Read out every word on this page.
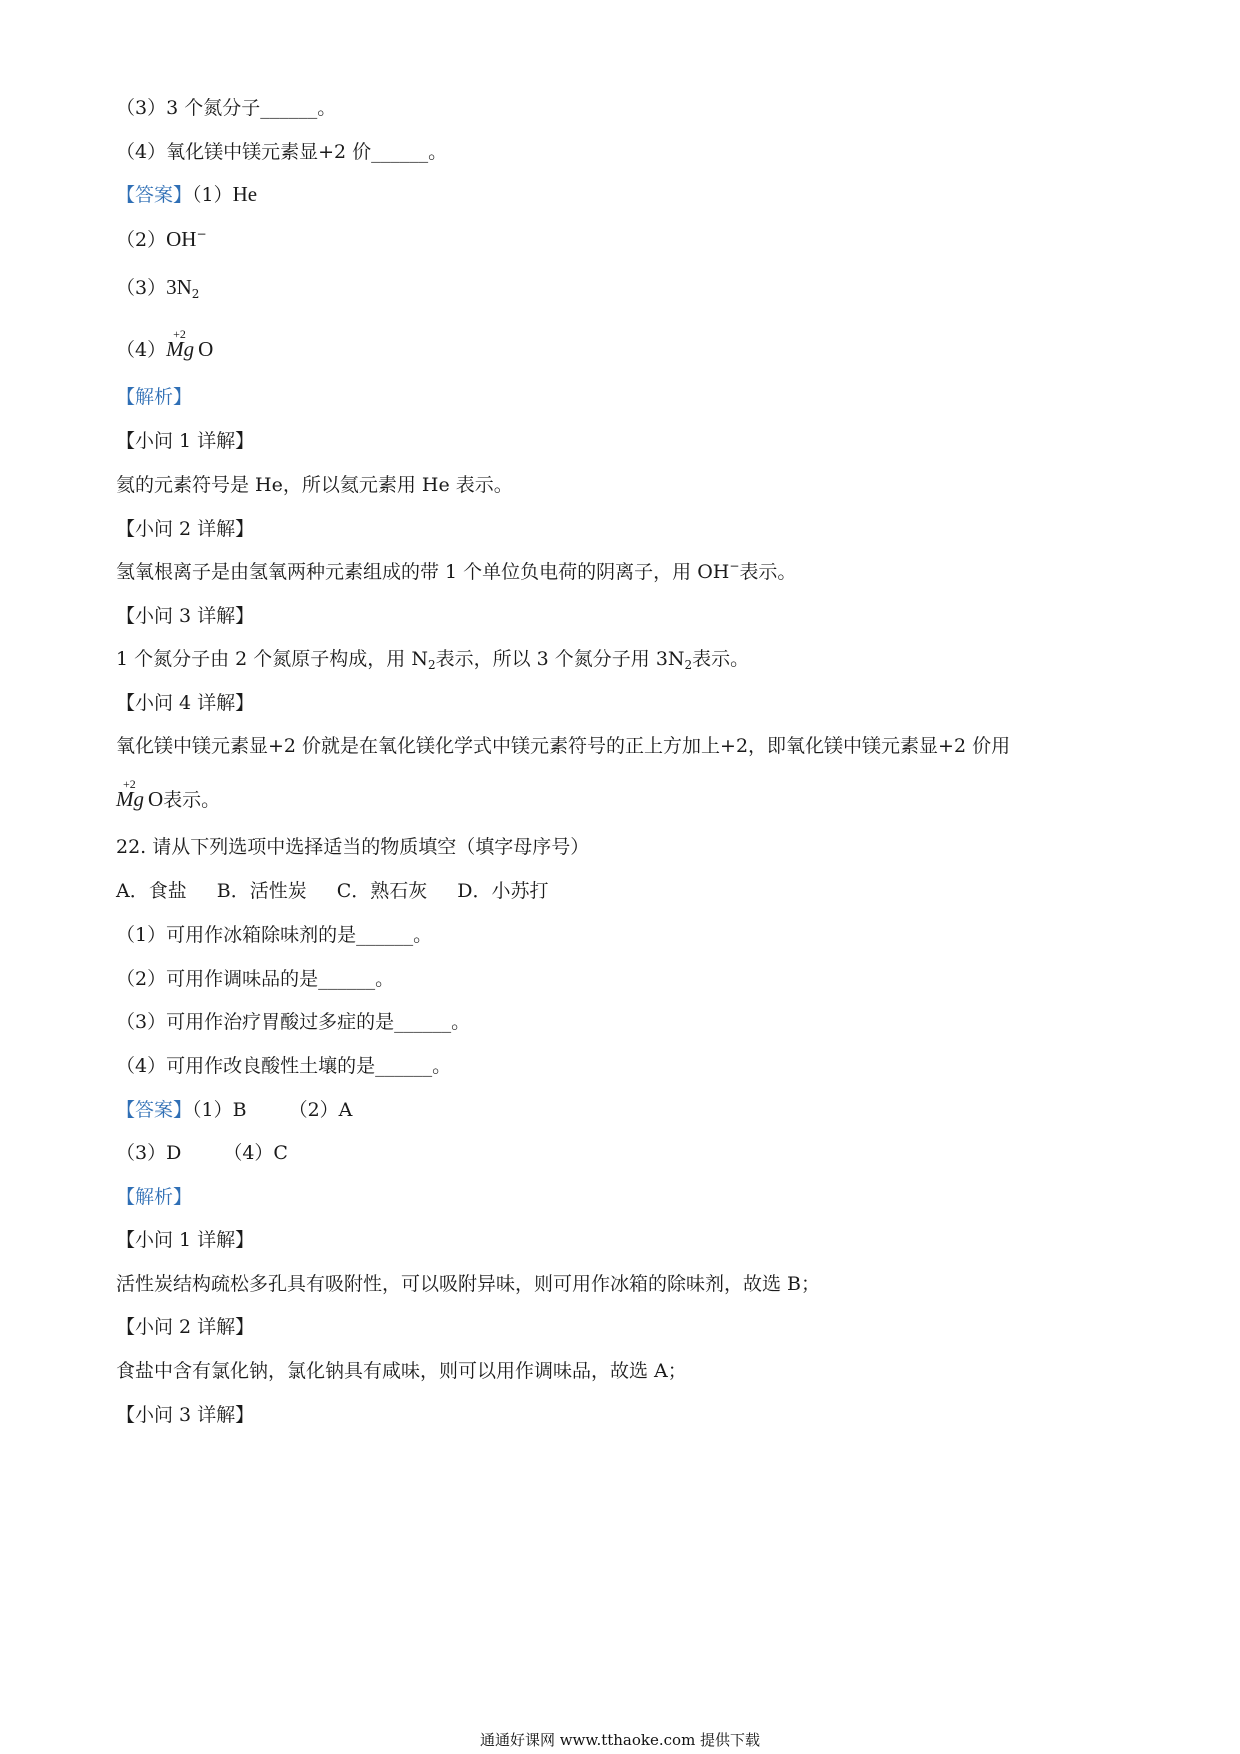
（3）3 个氮分子______。
（4）氧化镁中镁元素显+2 价______。
【答案】（1）He
（2）OH−
$(3)3N_2$
（4）
+2
Mg O
【解析】
【小问 1 详解】
氦的元素符号是 He，所以氦元素用 He 表示。
【小问 2 详解】
氢氧根离子是由氢氧两种元素组成的带 1 个单位负电荷的阴离子，用 OH−表示。
【小问 3 详解】
1 个氮分子由 2 个氮原子构成，用 $N_2$表示，所以 3 个氮分子用 $3N_2$表示。
【小问 4 详解】
氧化镁中镁元素显+2 价就是在氧化镁化学式中镁元素符号的正上方加上+2，即氧化镁中镁元素显+2 价用
+2
Mg O表示。
22. 请从下列选项中选择适当的物质填空（填字母序号）
A．食盐 B．活性炭 C．熟石灰 D．小苏打
（1）可用作冰箱除味剂的是______。
（2）可用作调味品的是______。
（3）可用作治疗胃酸过多症的是______。
（4）可用作改良酸性土壤的是______。
【答案】（1）B （2）A
（3）D （4）C
【解析】
【小问 1 详解】
活性炭结构疏松多孔具有吸附性，可以吸附异味，则可用作冰箱的除味剂，故选 B；
【小问 2 详解】
食盐中含有氯化钠，氯化钠具有咸味，则可以用作调味品，故选 A；
【小问 3 详解】
通通好课网 www.tthaoke.com 提供下载
